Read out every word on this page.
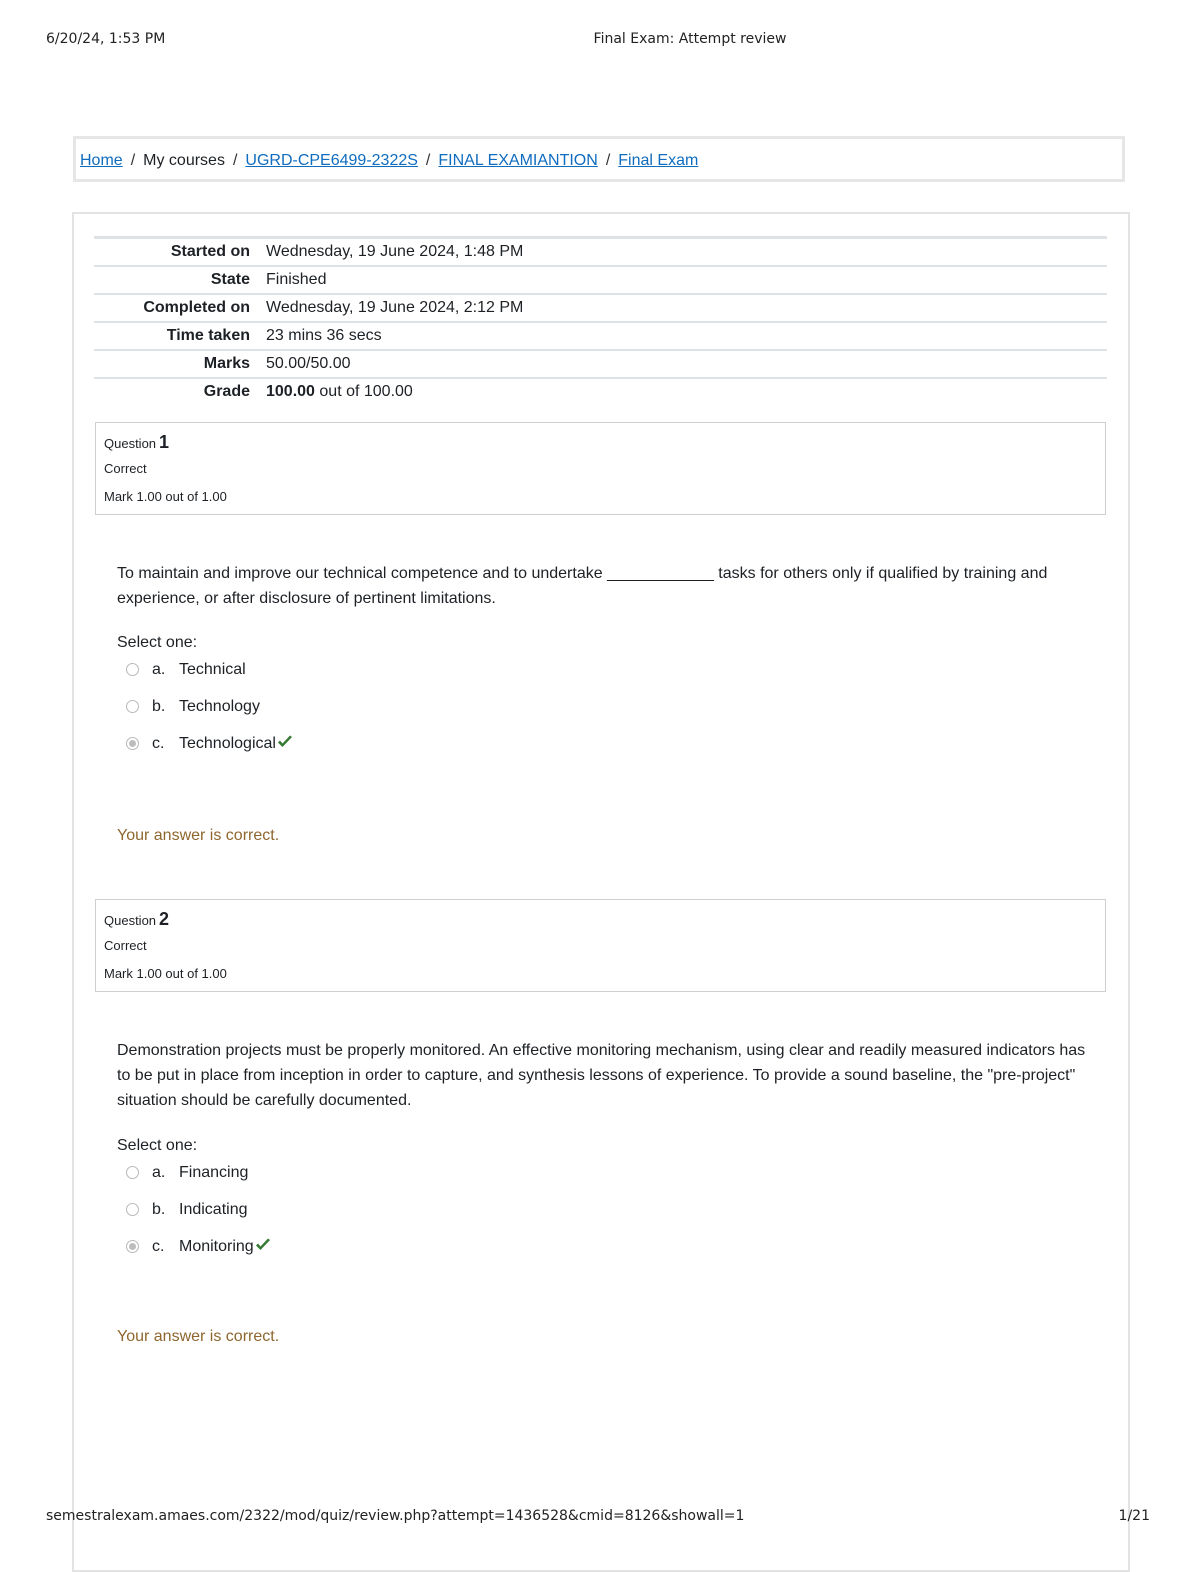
6/20/24, 1:53 PM	Final Exam: Attempt review
Home / My courses / UGRD-CPE6499-2322S / FINAL EXAMIANTION / Final Exam
Started on	Wednesday, 19 June 2024, 1:48 PM
State	Finished
Completed on	Wednesday, 19 June 2024, 2:12 PM
Time taken	23 mins 36 secs
Marks	50.00/50.00
Grade	100.00 out of 100.00
Question 1
Correct
Mark 1.00 out of 1.00

To maintain and improve our technical competence and to undertake ____________ tasks for others only if qualified by training and experience, or after disclosure of pertinent limitations.

Select one:
a. Technical
b. Technology
c. Technological
Your answer is correct.
Question 2
Correct
Mark 1.00 out of 1.00

Demonstration projects must be properly monitored. An effective monitoring mechanism, using clear and readily measured indicators has to be put in place from inception in order to capture, and synthesis lessons of experience. To provide a sound baseline, the "pre-project" situation should be carefully documented.

Select one:
a. Financing
b. Indicating
c. Monitoring
Your answer is correct.
semestralexam.amaes.com/2322/mod/quiz/review.php?attempt=1436528&cmid=8126&showall=1	1/21
